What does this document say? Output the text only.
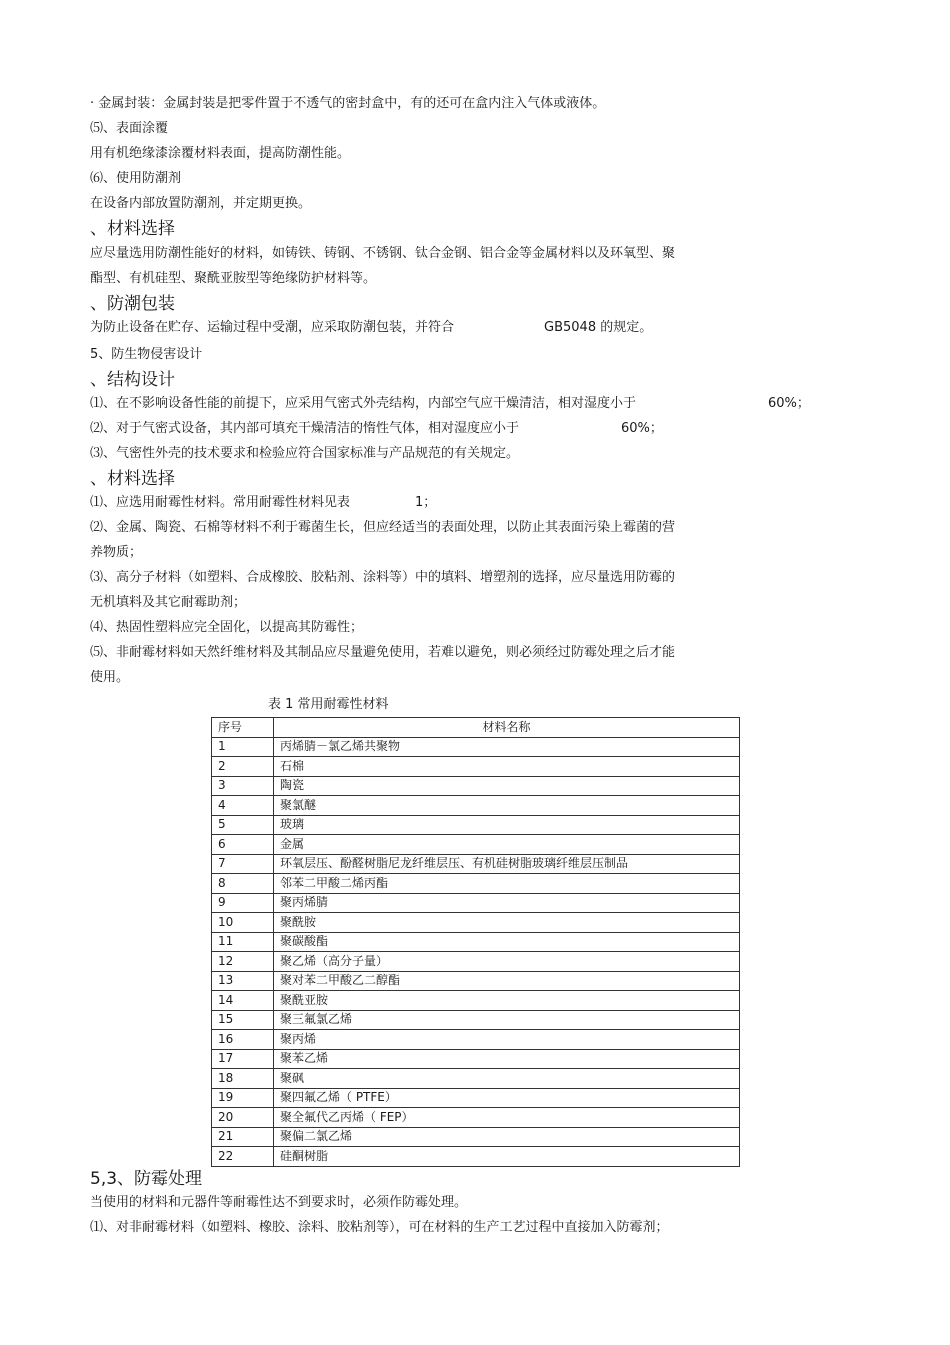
· 金属封装：金属封装是把零件置于不透气的密封盒中，有的还可在盒内注入气体或液体。
⑸、表面涂覆
用有机绝缘漆涂覆材料表面，提高防潮性能。
⑹、使用防潮剂
在设备内部放置防潮剂，并定期更换。
、材料选择
应尽量选用防潮性能好的材料，如铸铁、铸钢、不锈钢、钛合金钢、铝合金等金属材料以及环氧型、聚
酯型、有机硅型、聚酰亚胺型等绝缘防护材料等。
、防潮包装
为防止设备在贮存、运输过程中受潮，应采取防潮包装，并符合	GB5048 的规定。
5、防生物侵害设计
、结构设计
⑴、在不影响设备性能的前提下，应采用气密式外壳结构，内部空气应干燥清洁，相对湿度小于	60%；
⑵、对于气密式设备，其内部可填充干燥清洁的惰性气体，相对湿度应小于	60%；
⑶、气密性外壳的技术要求和检验应符合国家标准与产品规范的有关规定。
、材料选择
⑴、应选用耐霉性材料。常用耐霉性材料见表	1；
⑵、金属、陶瓷、石棉等材料不利于霉菌生长，但应经适当的表面处理，以防止其表面污染上霉菌的营
养物质；
⑶、高分子材料（如塑料、合成橡胶、胶粘剂、涂料等）中的填料、增塑剂的选择，应尽量选用防霉的
无机填料及其它耐霉助剂；
⑷、热固性塑料应完全固化，以提高其防霉性；
⑸、非耐霉材料如天然纤维材料及其制品应尽量避免使用，若难以避免，则必须经过防霉处理之后才能
使用。
表 1 常用耐霉性材料
序号	材料名称
1	丙烯腈－氯乙烯共聚物
2	石棉
3	陶瓷
4	聚氯醚
5	玻璃
6	金属
7	环氧层压、酚醛树脂尼龙纤维层压、有机硅树脂玻璃纤维层压制品
8	邻苯二甲酸二烯丙酯
9	聚丙烯腈
10	聚酰胺
11	聚碳酸酯
12	聚乙烯（高分子量）
13	聚对苯二甲酸乙二醇酯
14	聚酰亚胺
15	聚三氟氯乙烯
16	聚丙烯
17	聚苯乙烯
18	聚砜
19	聚四氟乙烯（ PTFE）
20	聚全氟代乙丙烯（ FEP）
21	聚偏二氯乙烯
22	硅酮树脂
5,3、防霉处理
当使用的材料和元器件等耐霉性达不到要求时，必须作防霉处理。
⑴、对非耐霉材料（如塑料、橡胶、涂料、胶粘剂等），可在材料的生产工艺过程中直接加入防霉剂；
